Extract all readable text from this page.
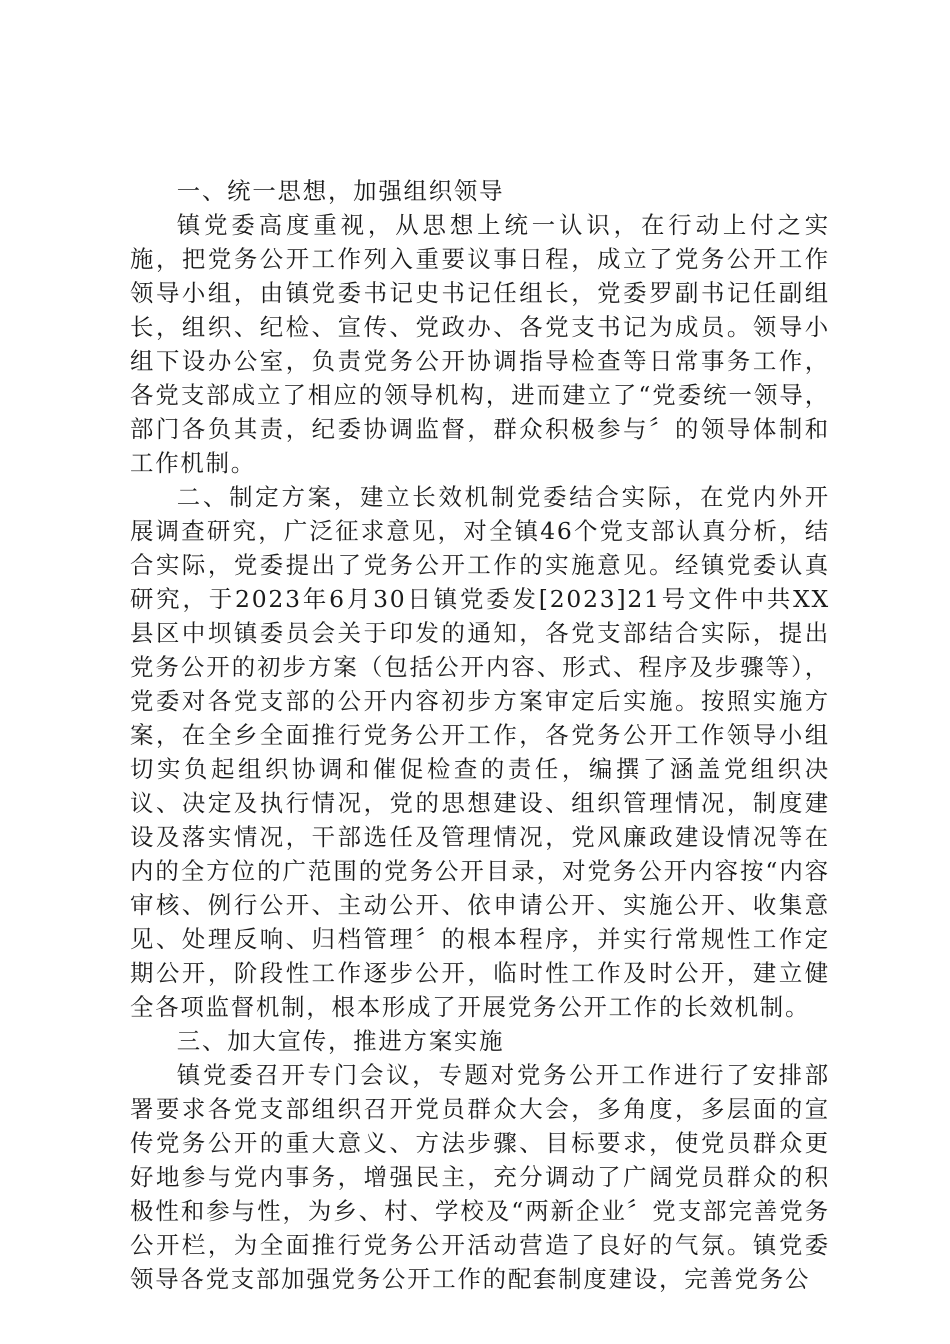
一、统一思想，加强组织领导

镇党委高度重视，从思想上统一认识，在行动上付之实施，把党务公开工作列入重要议事日程，成立了党务公开工作领导小组，由镇党委书记史书记任组长，党委罗副书记任副组长，组织、纪检、宣传、党政办、各党支书记为成员。领导小组下设办公室，负责党务公开协调指导检查等日常事务工作，各党支部成立了相应的领导机构，进而建立了“党委统一领导，部门各负其责，纪委协调监督，群众积极参与〞的领导体制和工作机制。

二、制定方案，建立长效机制党委结合实际，在党内外开展调查研究，广泛征求意见，对全镇46个党支部认真分析，结合实际，党委提出了党务公开工作的实施意见。经镇党委认真研究，于2023年6月30日镇党委发[2023]21号文件中共XX县区中坝镇委员会关于印发的通知，各党支部结合实际，提出党务公开的初步方案（包括公开内容、形式、程序及步骤等），党委对各党支部的公开内容初步方案审定后实施。按照实施方案，在全乡全面推行党务公开工作，各党务公开工作领导小组切实负起组织协调和催促检查的责任，编撰了涵盖党组织决议、决定及执行情况，党的思想建设、组织管理情况，制度建设及落实情况，干部选任及管理情况，党风廉政建设情况等在内的全方位的广范围的党务公开目录，对党务公开内容按“内容审核、例行公开、主动公开、依申请公开、实施公开、收集意见、处理反响、归档管理〞的根本程序，并实行常规性工作定期公开，阶段性工作逐步公开，临时性工作及时公开，建立健全各项监督机制，根本形成了开展党务公开工作的长效机制。

三、加大宣传，推进方案实施

镇党委召开专门会议，专题对党务公开工作进行了安排部署要求各党支部组织召开党员群众大会，多角度，多层面的宣传党务公开的重大意义、方法步骤、目标要求，使党员群众更好地参与党内事务，增强民主，充分调动了广阔党员群众的积极性和参与性，为乡、村、学校及“两新企业〞党支部完善党务公开栏，为全面推行党务公开活动营造了良好的气氛。镇党委领导各党支部加强党务公开工作的配套制度建设，完善党务公
